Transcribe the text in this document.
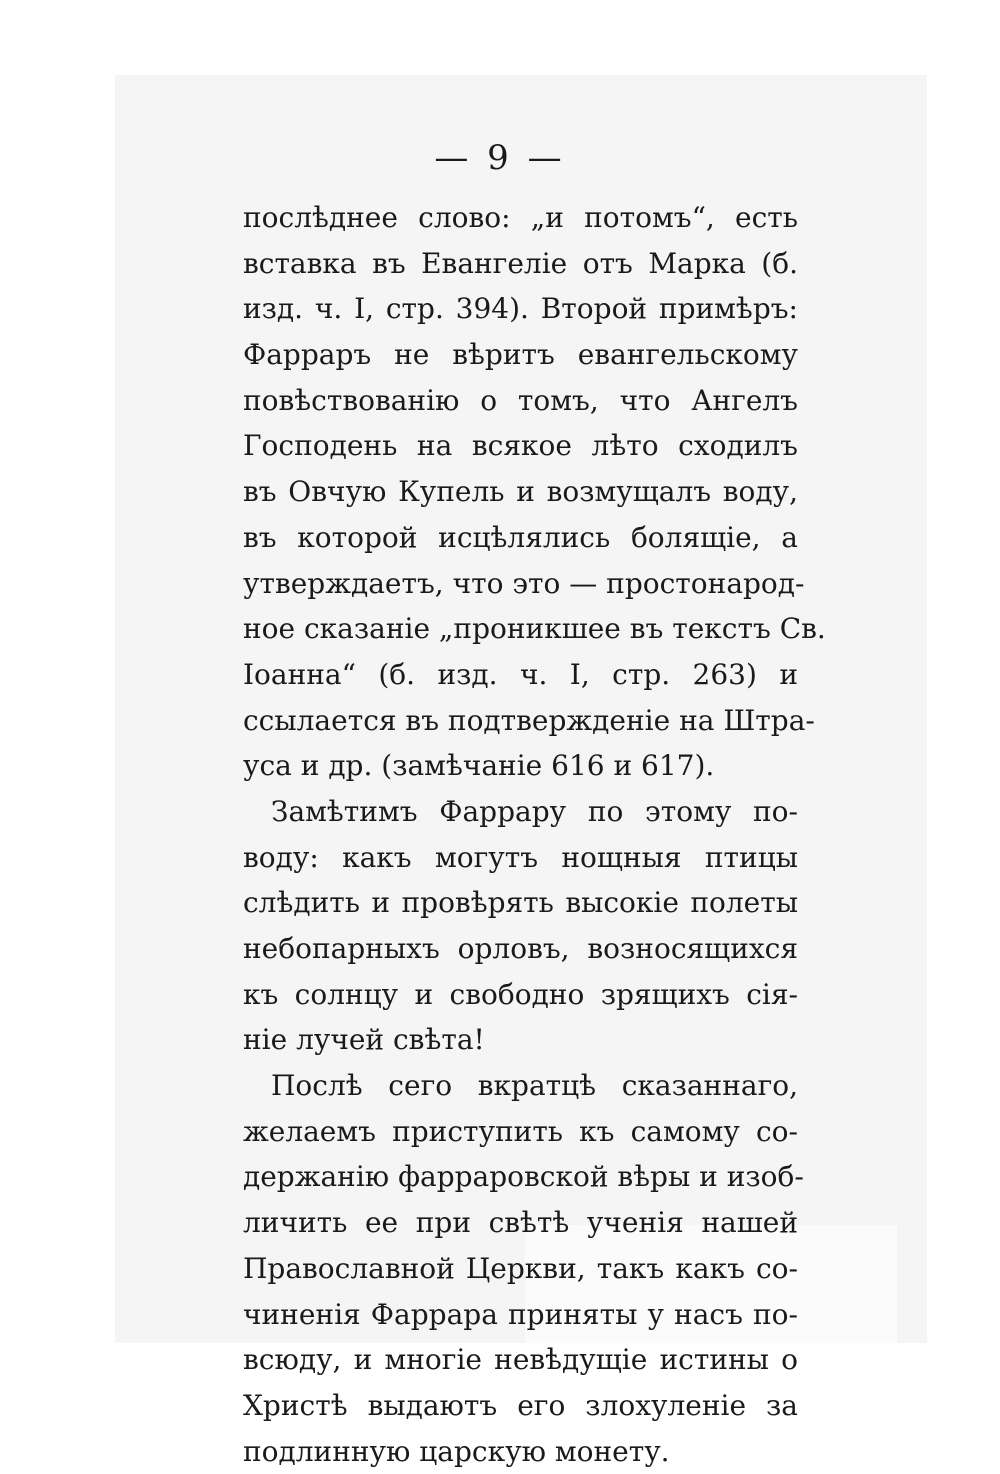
— 9 —
послѣднее слово: „и потомъ“, есть
вставка въ Евангеліе отъ Марка (б.
изд. ч. I, стр. 394). Второй примѣръ:
Фарраръ не вѣритъ евангельскому
повѣствованію о томъ, что Ангелъ
Господень на всякое лѣто сходилъ
въ Овчую Купель и возмущалъ воду,
въ которой исцѣлялись болящіе, а
утверждаетъ, что это — простонарод-
ное сказаніе „проникшее въ текстъ Св.
Іоанна“ (б. изд. ч. I, стр. 263) и
ссылается въ подтвержденіе на Штра-
уса и др. (замѣчаніе 616 и 617).
Замѣтимъ Фаррару по этому по-
воду: какъ могутъ нощныя птицы
слѣдить и провѣрять высокіе полеты
небопарныхъ орловъ, возносящихся
къ солнцу и свободно зрящихъ сія-
ніе лучей свѣта!
Послѣ сего вкратцѣ сказаннаго,
желаемъ приступить къ самому со-
держанію фарраровской вѣры и изоб-
личить ее при свѣтѣ ученія нашей
Православной Церкви, такъ какъ со-
чиненія Фаррара приняты у насъ по-
всюду, и многіе невѣдущіе истины о
Христѣ выдаютъ его злохуленіе за
подлинную царскую монету.
